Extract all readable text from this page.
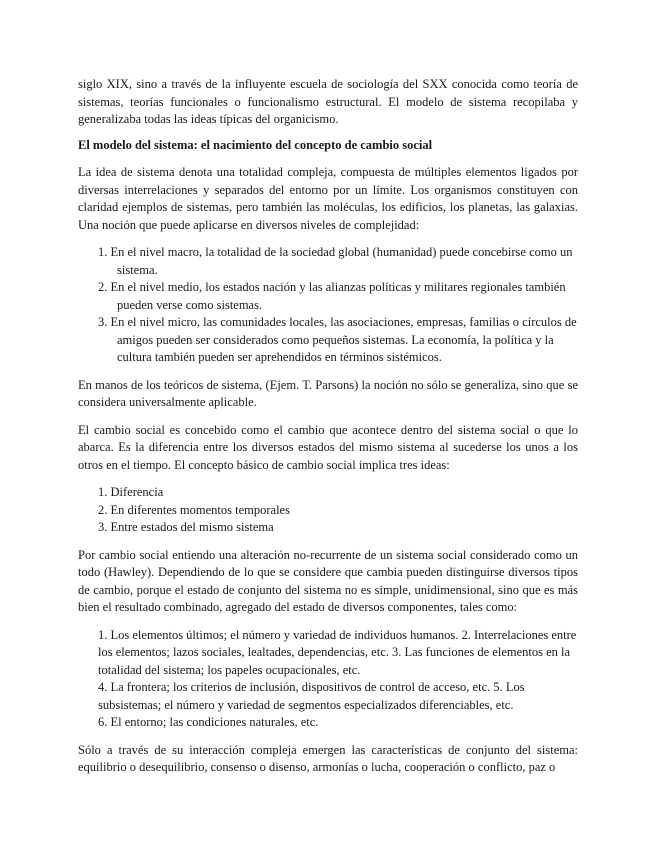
siglo XIX, sino a través de la influyente escuela de sociología del SXX conocida como teoría de sistemas, teorías funcionales o funcionalismo estructural. El modelo de sistema recopilaba y generalizaba todas las ideas típicas del organicismo.

El modelo del sistema: el nacimiento del concepto de cambio social

La idea de sistema denota una totalidad compleja, compuesta de múltiples elementos ligados por diversas interrelaciones y separados del entorno por un límite. Los organismos constituyen con claridad ejemplos de sistemas, pero también las moléculas, los edificios, los planetas, las galaxias. Una noción que puede aplicarse en diversos niveles de complejidad:

1. En el nivel macro, la totalidad de la sociedad global (humanidad) puede concebirse como un sistema.
2. En el nivel medio, los estados nación y las alianzas políticas y militares regionales también pueden verse como sistemas.
3. En el nivel micro, las comunidades locales, las asociaciones, empresas, familias o círculos de amigos pueden ser considerados como pequeños sistemas. La economía, la política y la cultura también pueden ser aprehendidos en términos sistémicos.

En manos de los teóricos de sistema, (Ejem. T. Parsons) la noción no sólo se generaliza, sino que se considera universalmente aplicable.

El cambio social es concebido como el cambio que acontece dentro del sistema social o que lo abarca. Es la diferencia entre los diversos estados del mismo sistema al sucederse los unos a los otros en el tiempo. El concepto básico de cambio social implica tres ideas:

1. Diferencia
2. En diferentes momentos temporales
3. Entre estados del mismo sistema

Por cambio social entiendo una alteración no-recurrente de un sistema social considerado como un todo (Hawley). Dependiendo de lo que se considere que cambia pueden distinguirse diversos tipos de cambio, porque el estado de conjunto del sistema no es simple, unidimensional, sino que es más bien el resultado combinado, agregado del estado de diversos componentes, tales como:

1. Los elementos últimos; el número y variedad de individuos humanos. 2. Interrelaciones entre los elementos; lazos sociales, lealtades, dependencias, etc. 3. Las funciones de elementos en la totalidad del sistema; los papeles ocupacionales, etc.

4. La frontera; los criterios de inclusión, dispositivos de control de acceso, etc. 5. Los subsistemas; el número y variedad de segmentos especializados diferenciables, etc.

6. El entorno; las condiciones naturales, etc.

Sólo a través de su interacción compleja emergen las características de conjunto del sistema: equilibrio o desequilibrio, consenso o disenso, armonías o lucha, cooperación o conflicto, paz o
